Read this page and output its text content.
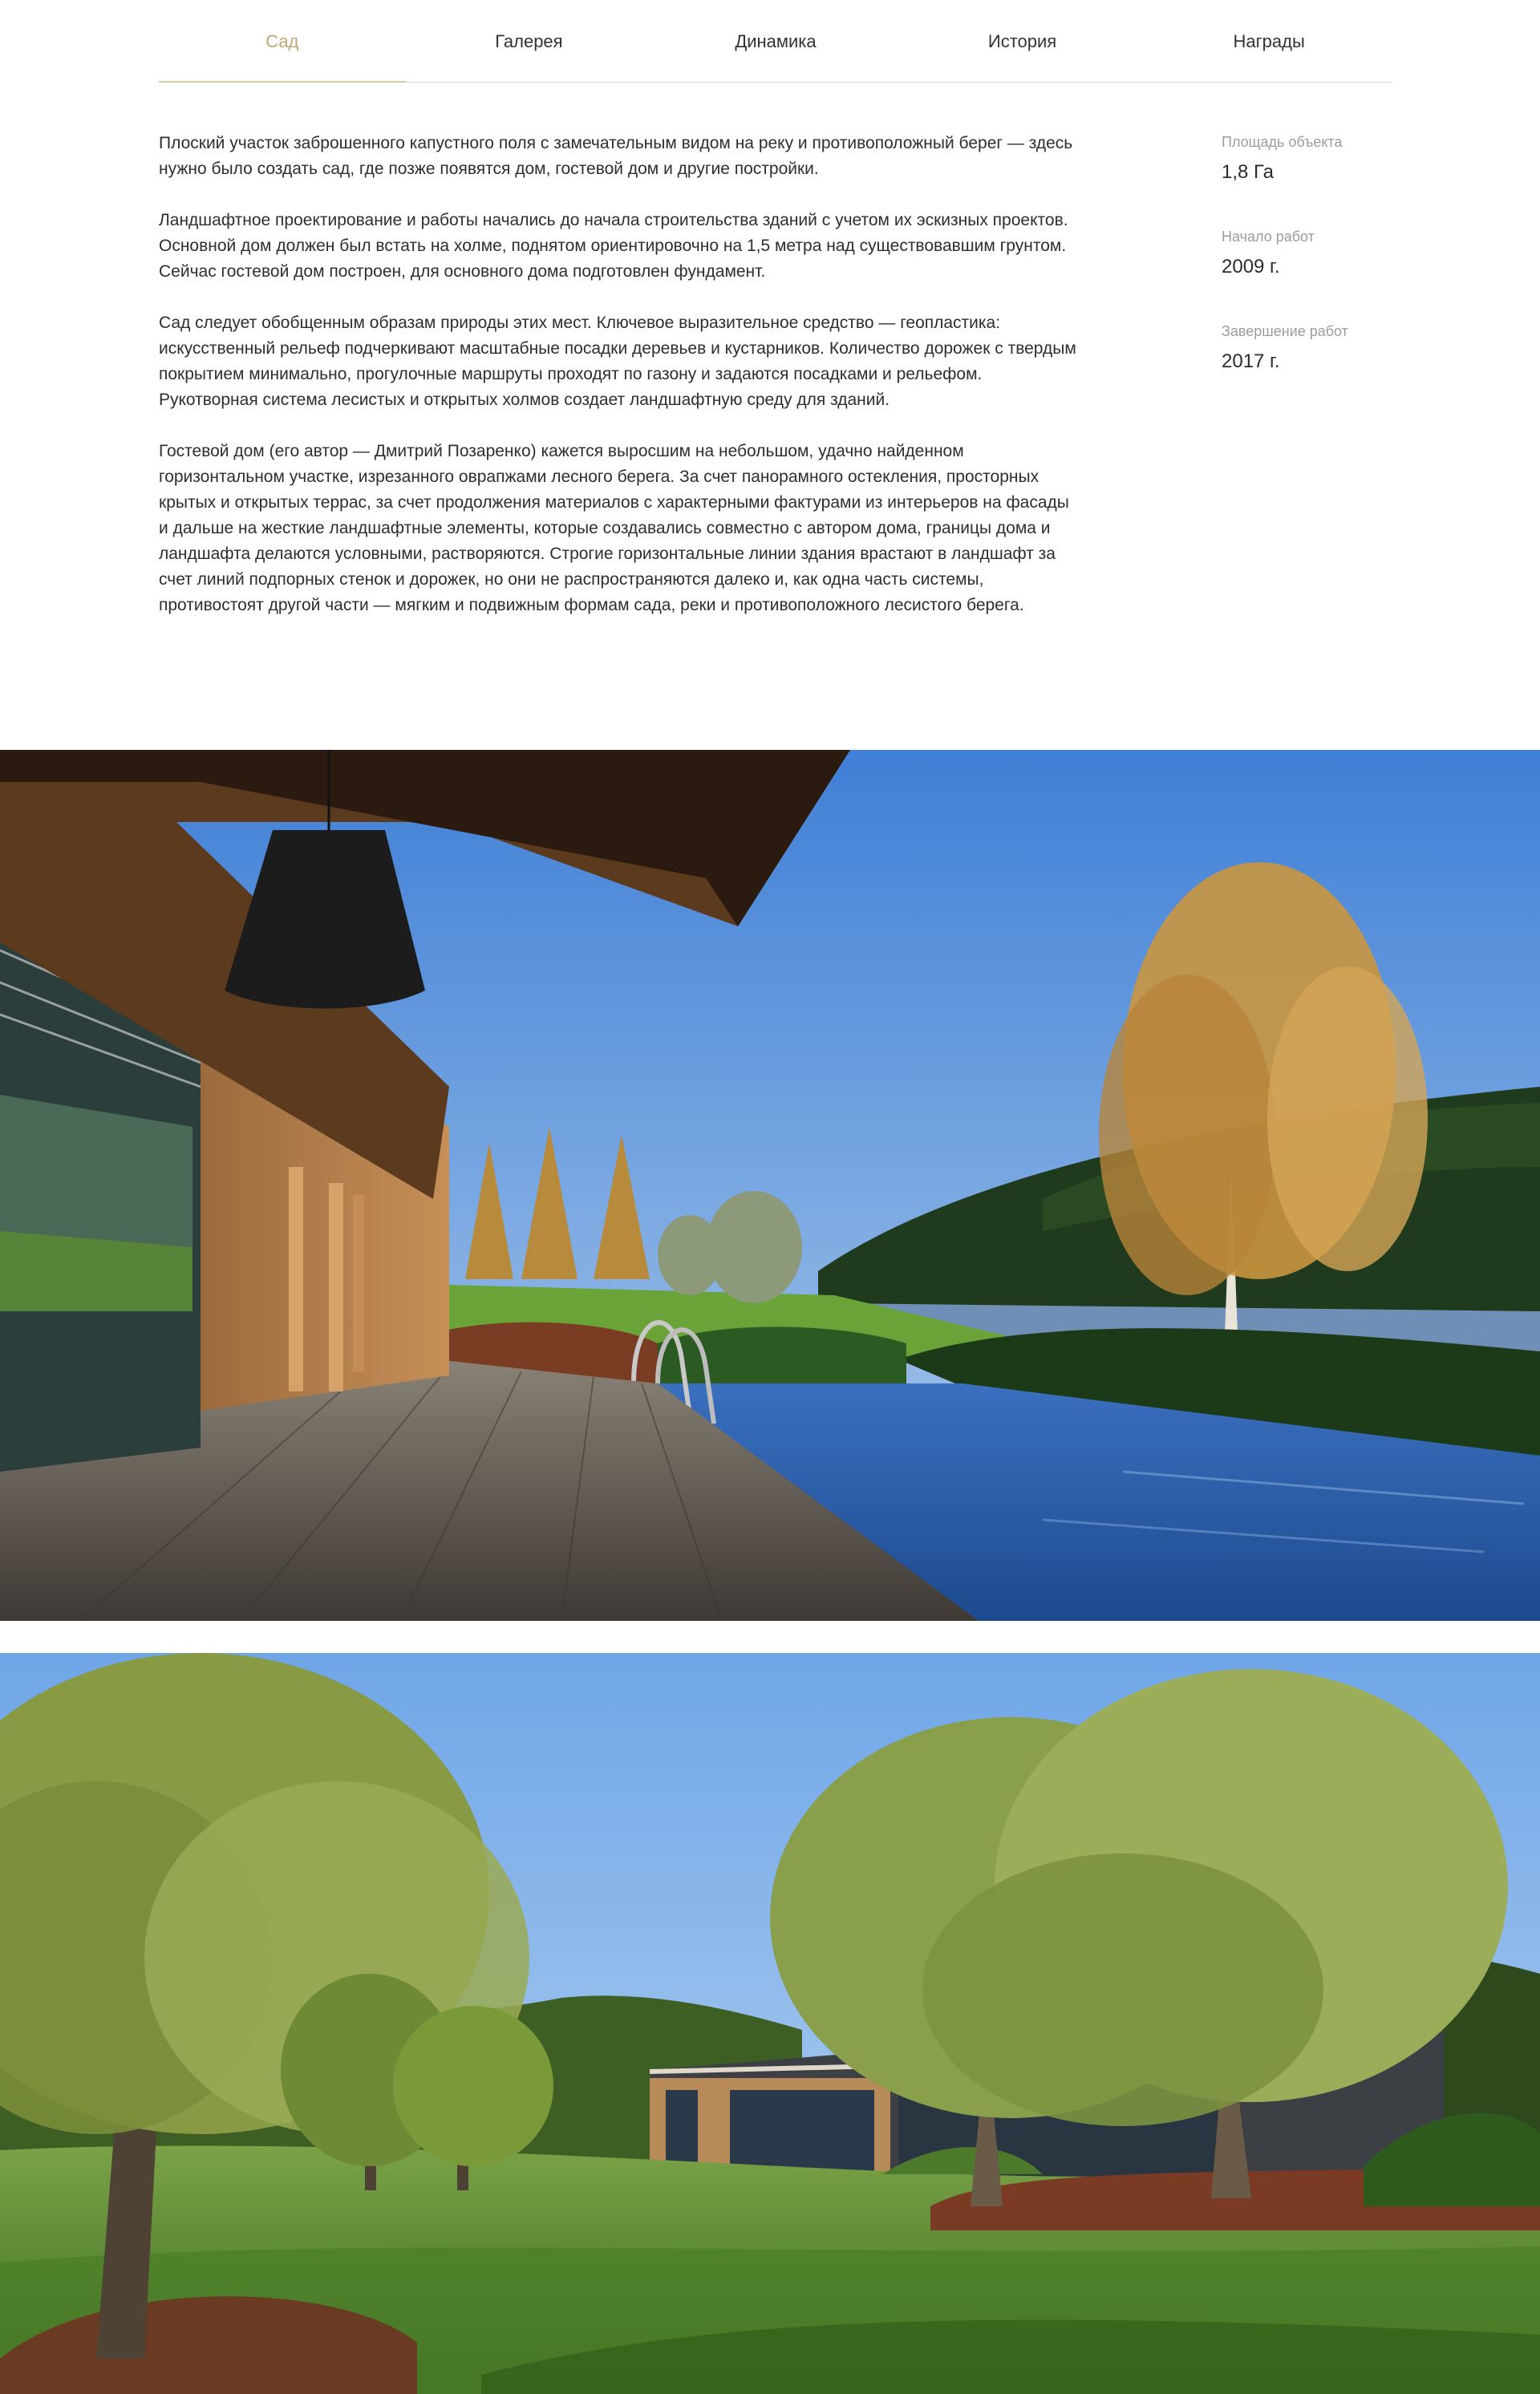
Сад	Галерея	Динамика	История	Награды

Плоский участок заброшенного капустного поля с замечательным видом на реку и противоположный берег — здесь нужно было создать сад, где позже появятся дом, гостевой дом и другие постройки.

Ландшафтное проектирование и работы начались до начала строительства зданий с учетом их эскизных проектов. Основной дом должен был встать на холме, поднятом ориентировочно на 1,5 метра над существовавшим грунтом. Сейчас гостевой дом построен, для основного дома подготовлен фундамент.

Сад следует обобщенным образам природы этих мест. Ключевое выразительное средство — геопластика: искусственный рельеф подчеркивают масштабные посадки деревьев и кустарников. Количество дорожек с твердым покрытием минимально, прогулочные маршруты проходят по газону и задаются посадками и рельефом. Рукотворная система лесистых и открытых холмов создает ландшафтную среду для зданий.

Гостевой дом (его автор — Дмитрий Позаренко) кажется выросшим на небольшом, удачно найденном горизонтальном участке, изрезанного оврапжами лесного берега. За счет панорамного остекления, просторных крытых и открытых террас, за счет продолжения материалов с характерными фактурами из интерьеров на фасады и дальше на жесткие ландшафтные элементы, которые создавались совместно с автором дома, границы дома и ландшафта делаются условными, растворяются. Строгие горизонтальные линии здания врастают в ландшафт за счет линий подпорных стенок и дорожек, но они не распространяются далеко и, как одна часть системы, противостоят другой части — мягким и подвижным формам сада, реки и противоположного лесистого берега.

Площадь объекта
1,8 Га
Начало работ
2009 г.
Завершение работ
2017 г.
